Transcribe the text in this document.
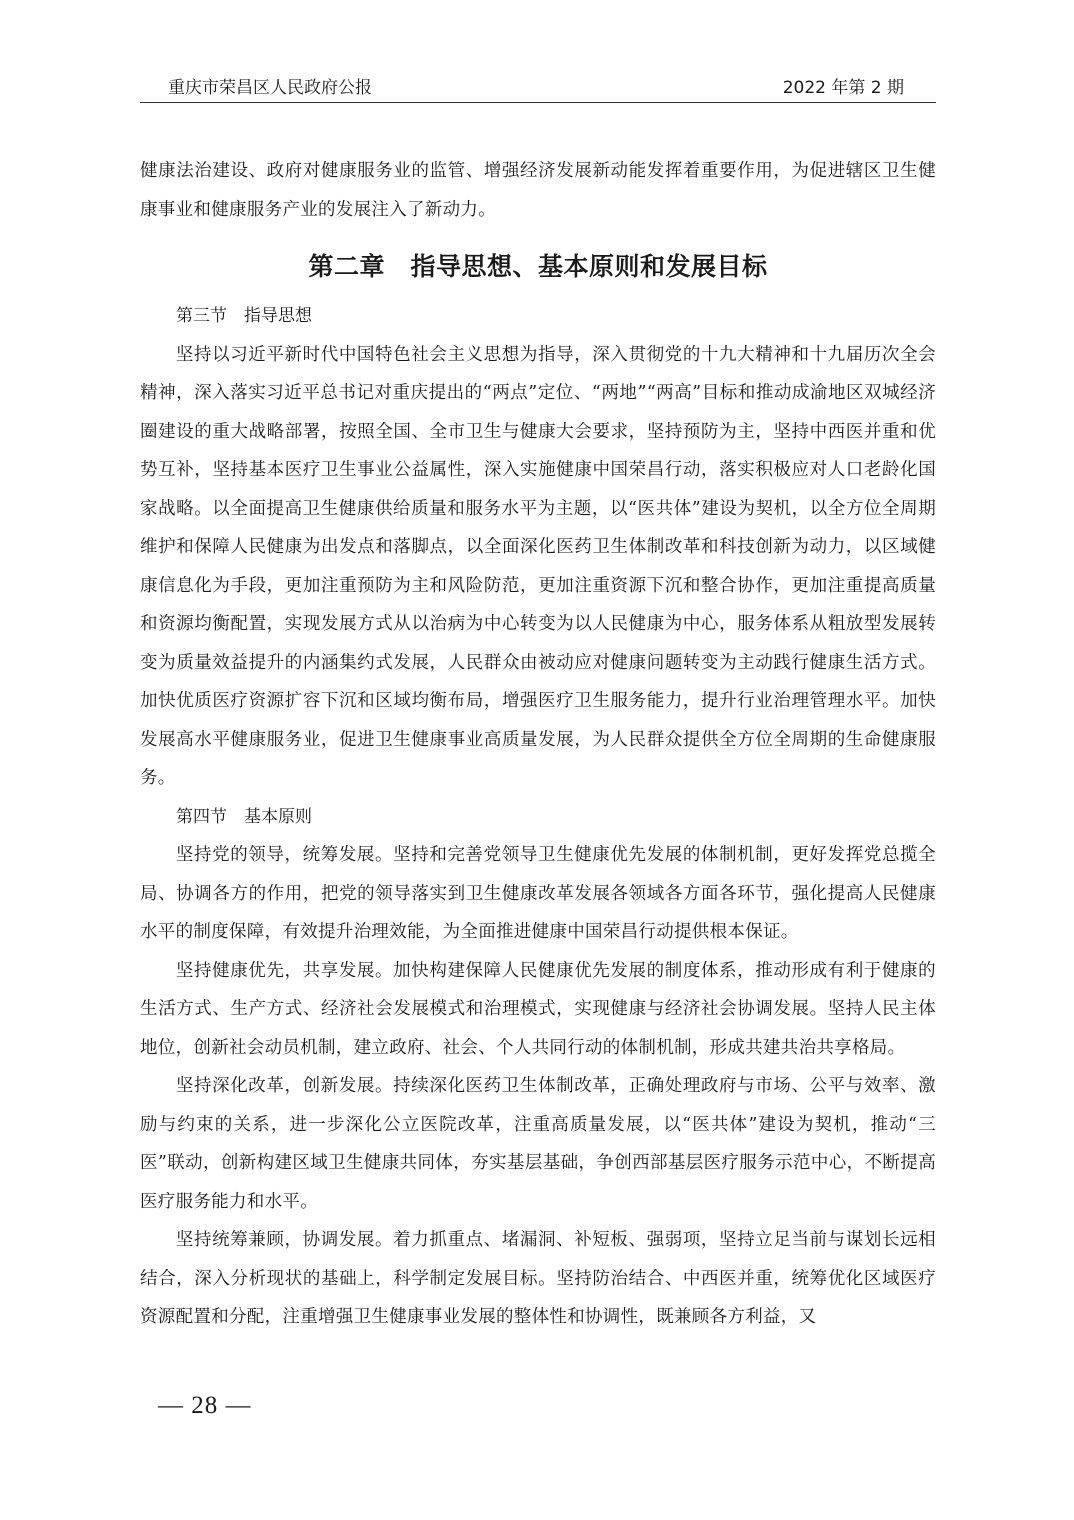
重庆市荣昌区人民政府公报	2022 年第 2 期

健康法治建设、政府对健康服务业的监管、增强经济发展新动能发挥着重要作用，为促进辖区卫生健康事业和健康服务产业的发展注入了新动力。

第二章　指导思想、基本原则和发展目标

第三节　指导思想

坚持以习近平新时代中国特色社会主义思想为指导，深入贯彻党的十九大精神和十九届历次全会精神，深入落实习近平总书记对重庆提出的“两点”定位、“两地”“两高”目标和推动成渝地区双城经济圈建设的重大战略部署，按照全国、全市卫生与健康大会要求，坚持预防为主，坚持中西医并重和优势互补，坚持基本医疗卫生事业公益属性，深入实施健康中国荣昌行动，落实积极应对人口老龄化国家战略。以全面提高卫生健康供给质量和服务水平为主题，以“医共体”建设为契机，以全方位全周期维护和保障人民健康为出发点和落脚点，以全面深化医药卫生体制改革和科技创新为动力，以区域健康信息化为手段，更加注重预防为主和风险防范，更加注重资源下沉和整合协作，更加注重提高质量和资源均衡配置，实现发展方式从以治病为中心转变为以人民健康为中心，服务体系从粗放型发展转变为质量效益提升的内涵集约式发展，人民群众由被动应对健康问题转变为主动践行健康生活方式。加快优质医疗资源扩容下沉和区域均衡布局，增强医疗卫生服务能力，提升行业治理管理水平。加快发展高水平健康服务业，促进卫生健康事业高质量发展，为人民群众提供全方位全周期的生命健康服务。

第四节　基本原则

坚持党的领导，统筹发展。坚持和完善党领导卫生健康优先发展的体制机制，更好发挥党总揽全局、协调各方的作用，把党的领导落实到卫生健康改革发展各领域各方面各环节，强化提高人民健康水平的制度保障，有效提升治理效能，为全面推进健康中国荣昌行动提供根本保证。

坚持健康优先，共享发展。加快构建保障人民健康优先发展的制度体系，推动形成有利于健康的生活方式、生产方式、经济社会发展模式和治理模式，实现健康与经济社会协调发展。坚持人民主体地位，创新社会动员机制，建立政府、社会、个人共同行动的体制机制，形成共建共治共享格局。

坚持深化改革，创新发展。持续深化医药卫生体制改革，正确处理政府与市场、公平与效率、激励与约束的关系，进一步深化公立医院改革，注重高质量发展，以“医共体”建设为契机，推动“三医”联动，创新构建区域卫生健康共同体，夯实基层基础，争创西部基层医疗服务示范中心，不断提高医疗服务能力和水平。

坚持统筹兼顾，协调发展。着力抓重点、堵漏洞、补短板、强弱项，坚持立足当前与谋划长远相结合，深入分析现状的基础上，科学制定发展目标。坚持防治结合、中西医并重，统筹优化区域医疗资源配置和分配，注重增强卫生健康事业发展的整体性和协调性，既兼顾各方利益，又

— 28 —
